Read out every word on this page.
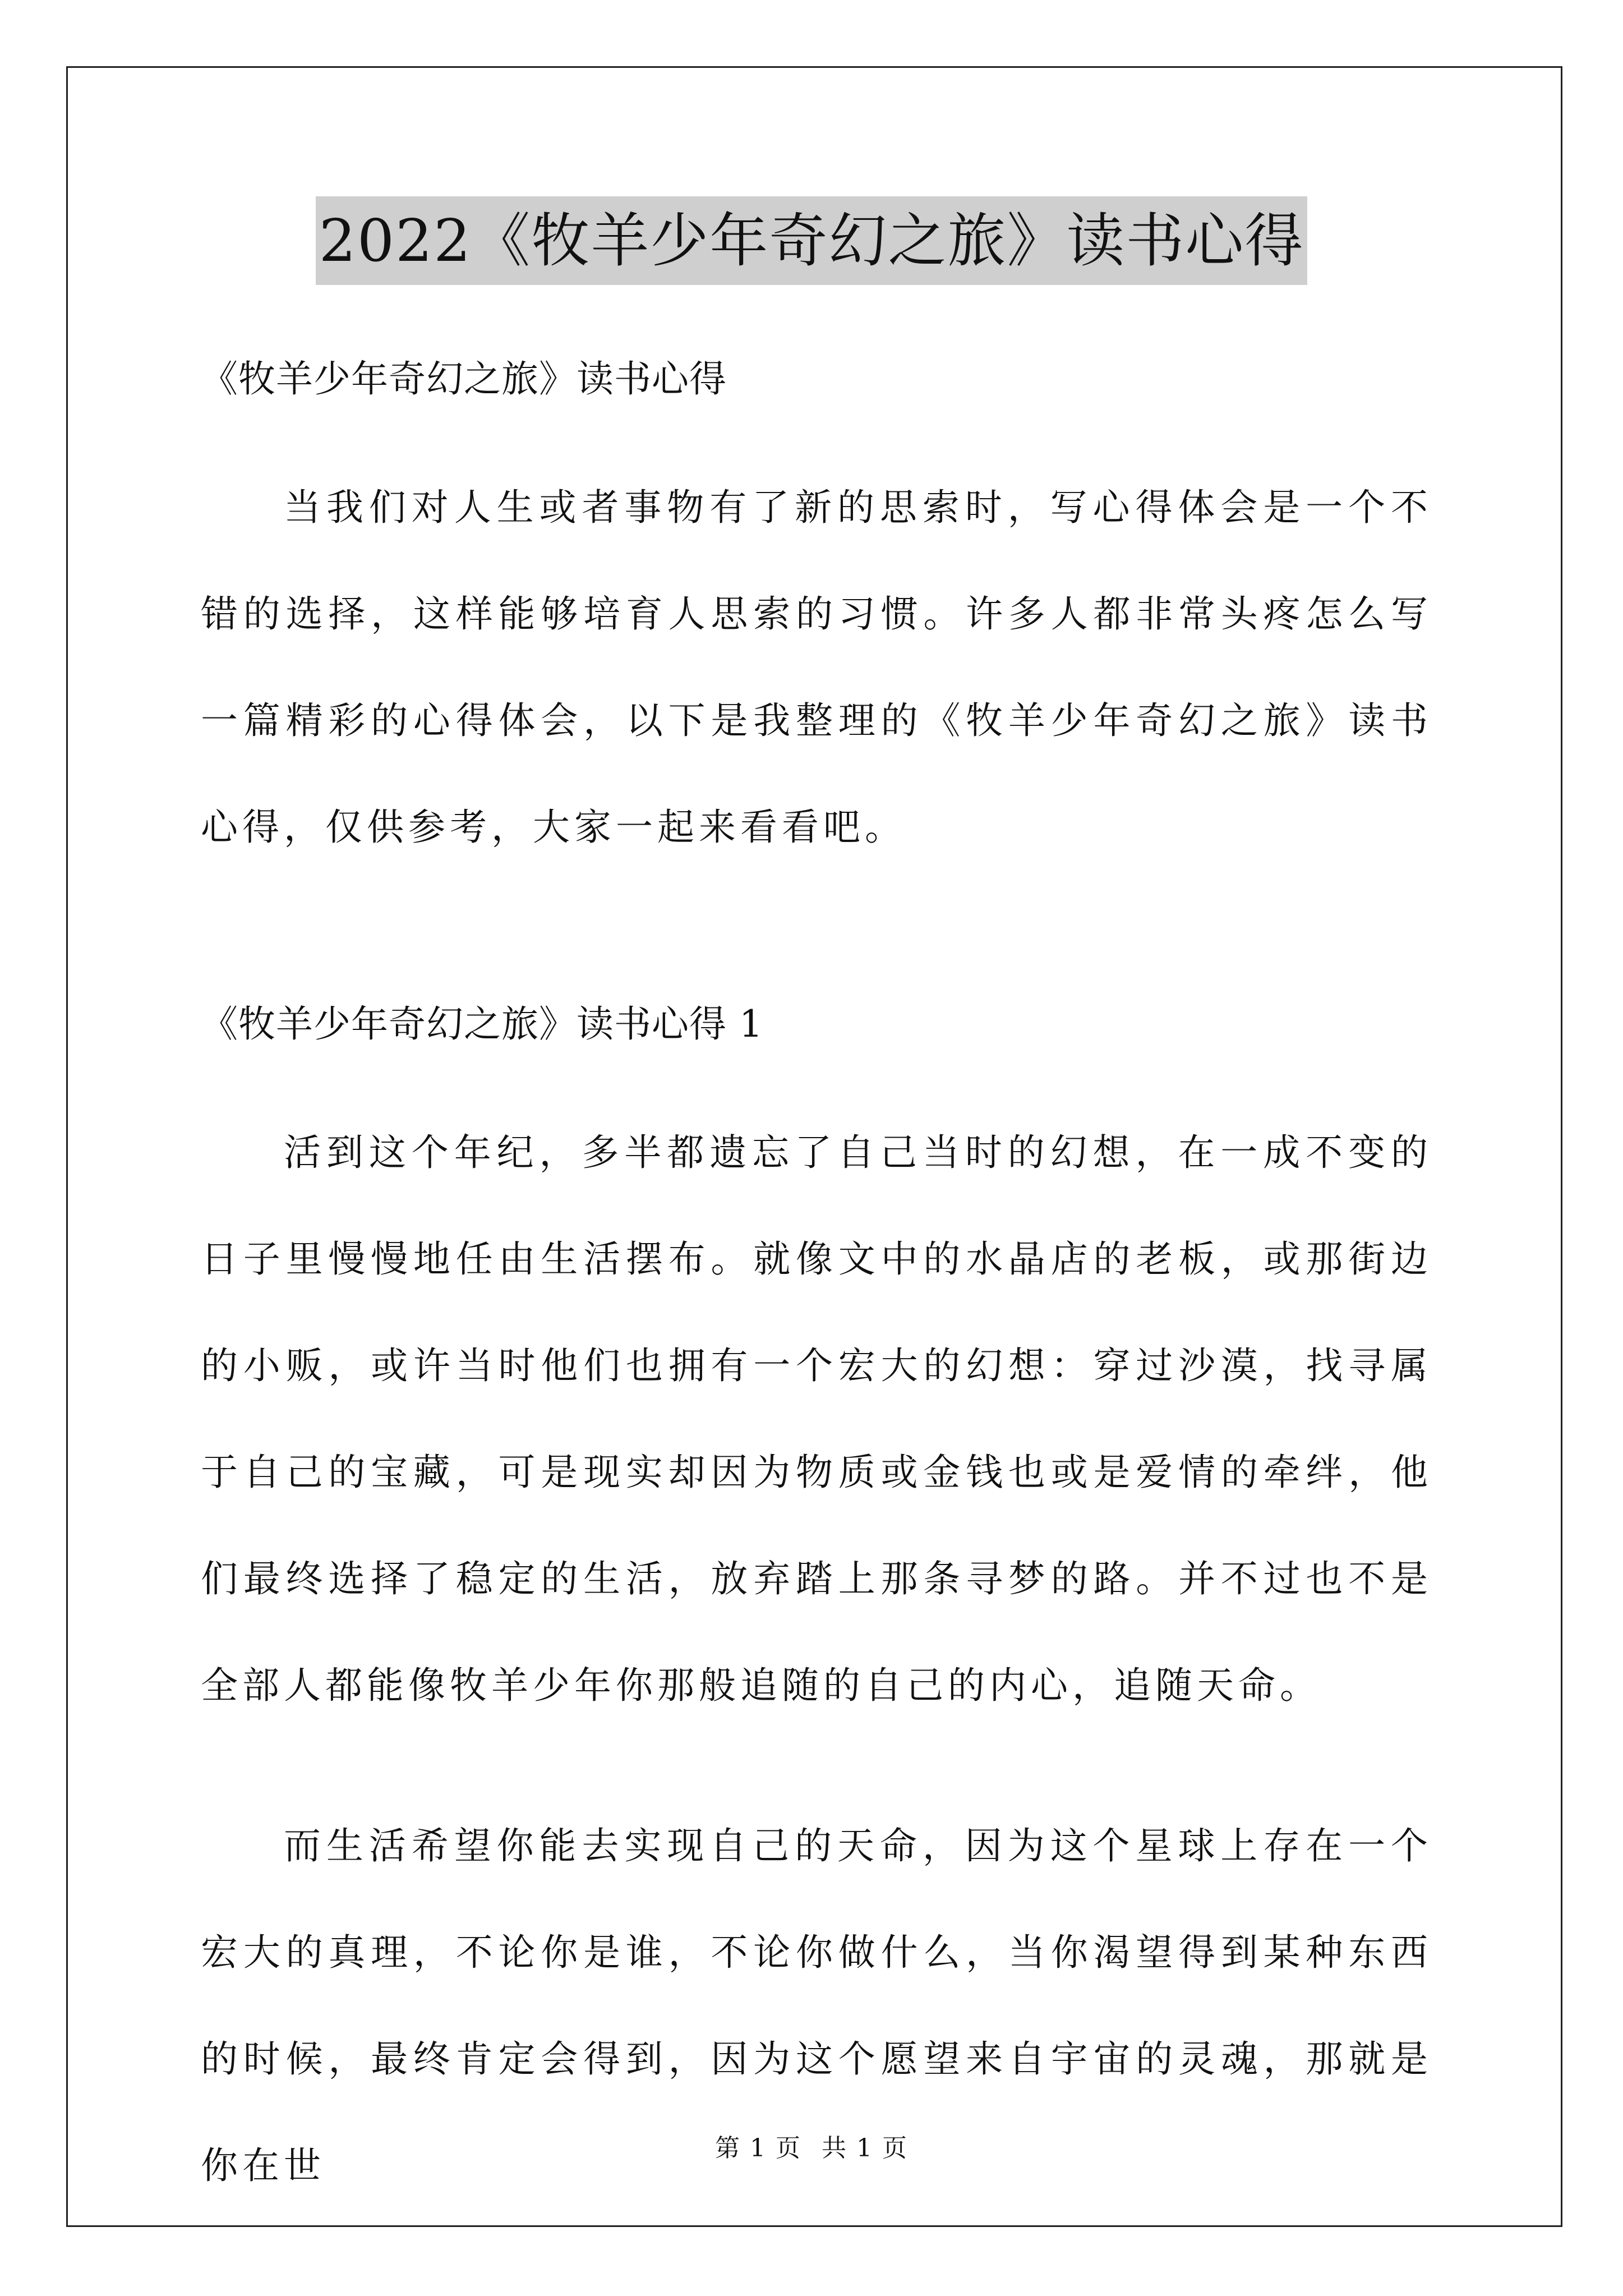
2022《牧羊少年奇幻之旅》读书心得

《牧羊少年奇幻之旅》读书心得

当我们对人生或者事物有了新的思索时，写心得体会是一个不错的选择，这样能够培育人思索的习惯。许多人都非常头疼怎么写一篇精彩的心得体会，以下是我整理的《牧羊少年奇幻之旅》读书心得，仅供参考，大家一起来看看吧。

《牧羊少年奇幻之旅》读书心得 1

活到这个年纪，多半都遗忘了自己当时的幻想，在一成不变的日子里慢慢地任由生活摆布。就像文中的水晶店的老板，或那街边的小贩，或许当时他们也拥有一个宏大的幻想：穿过沙漠，找寻属于自己的宝藏，可是现实却因为物质或金钱也或是爱情的牵绊，他们最终选择了稳定的生活，放弃踏上那条寻梦的路。并不过也不是全部人都能像牧羊少年你那般追随的自己的内心，追随天命。

而生活希望你能去实现自己的天命，因为这个星球上存在一个宏大的真理，不论你是谁，不论你做什么，当你渴望得到某种东西的时候，最终肯定会得到，因为这个愿望来自宇宙的灵魂，那就是你在世	第 1 页 共 1 页
